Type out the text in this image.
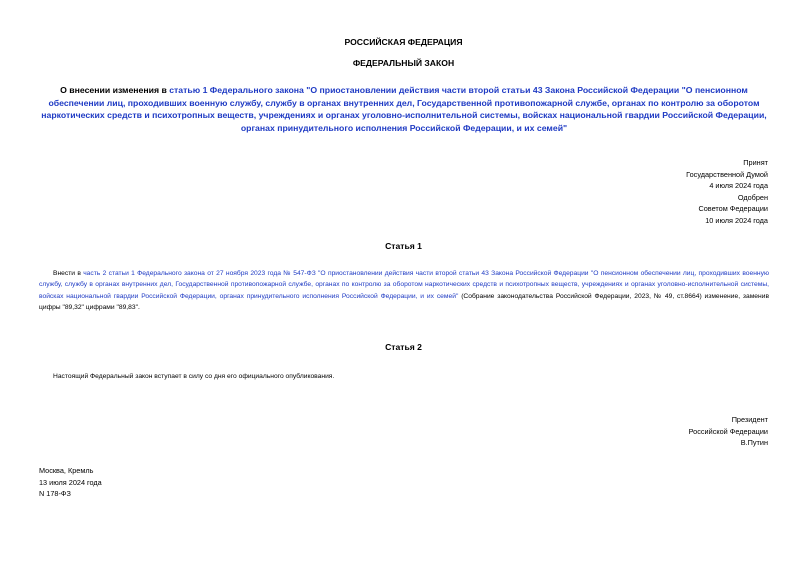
РОССИЙСКАЯ ФЕДЕРАЦИЯ
ФЕДЕРАЛЬНЫЙ ЗАКОН
О внесении изменения в статью 1 Федерального закона "О приостановлении действия части второй статьи 43 Закона Российской Федерации "О пенсионном обеспечении лиц, проходивших военную службу, службу в органах внутренних дел, Государственной противопожарной службе, органах по контролю за оборотом наркотических средств и психотропных веществ, учреждениях и органах уголовно-исполнительной системы, войсках национальной гвардии Российской Федерации, органах принудительного исполнения Российской Федерации, и их семей"
Принят
Государственной Думой
4 июля 2024 года
Одобрен
Советом Федерации
10 июля 2024 года
Статья 1
Внести в часть 2 статьи 1 Федерального закона от 27 ноября 2023 года № 547-ФЗ "О приостановлении действия части второй статьи 43 Закона Российской Федерации "О пенсионном обеспечении лиц, проходивших военную службу, службу в органах внутренних дел, Государственной противопожарной службе, органах по контролю за оборотом наркотических средств и психотропных веществ, учреждениях и органах уголовно-исполнительной системы, войсках национальной гвардии Российской Федерации, органах принудительного исполнения Российской Федерации, и их семей" (Собрание законодательства Российской Федерации, 2023, № 49, ст.8664) изменение, заменив цифры "89,32" цифрами "89,83".
Статья 2
Настоящий Федеральный закон вступает в силу со дня его официального опубликования.
Президент
Российской Федерации
В.Путин
Москва, Кремль
13 июля 2024 года
N 178-ФЗ
